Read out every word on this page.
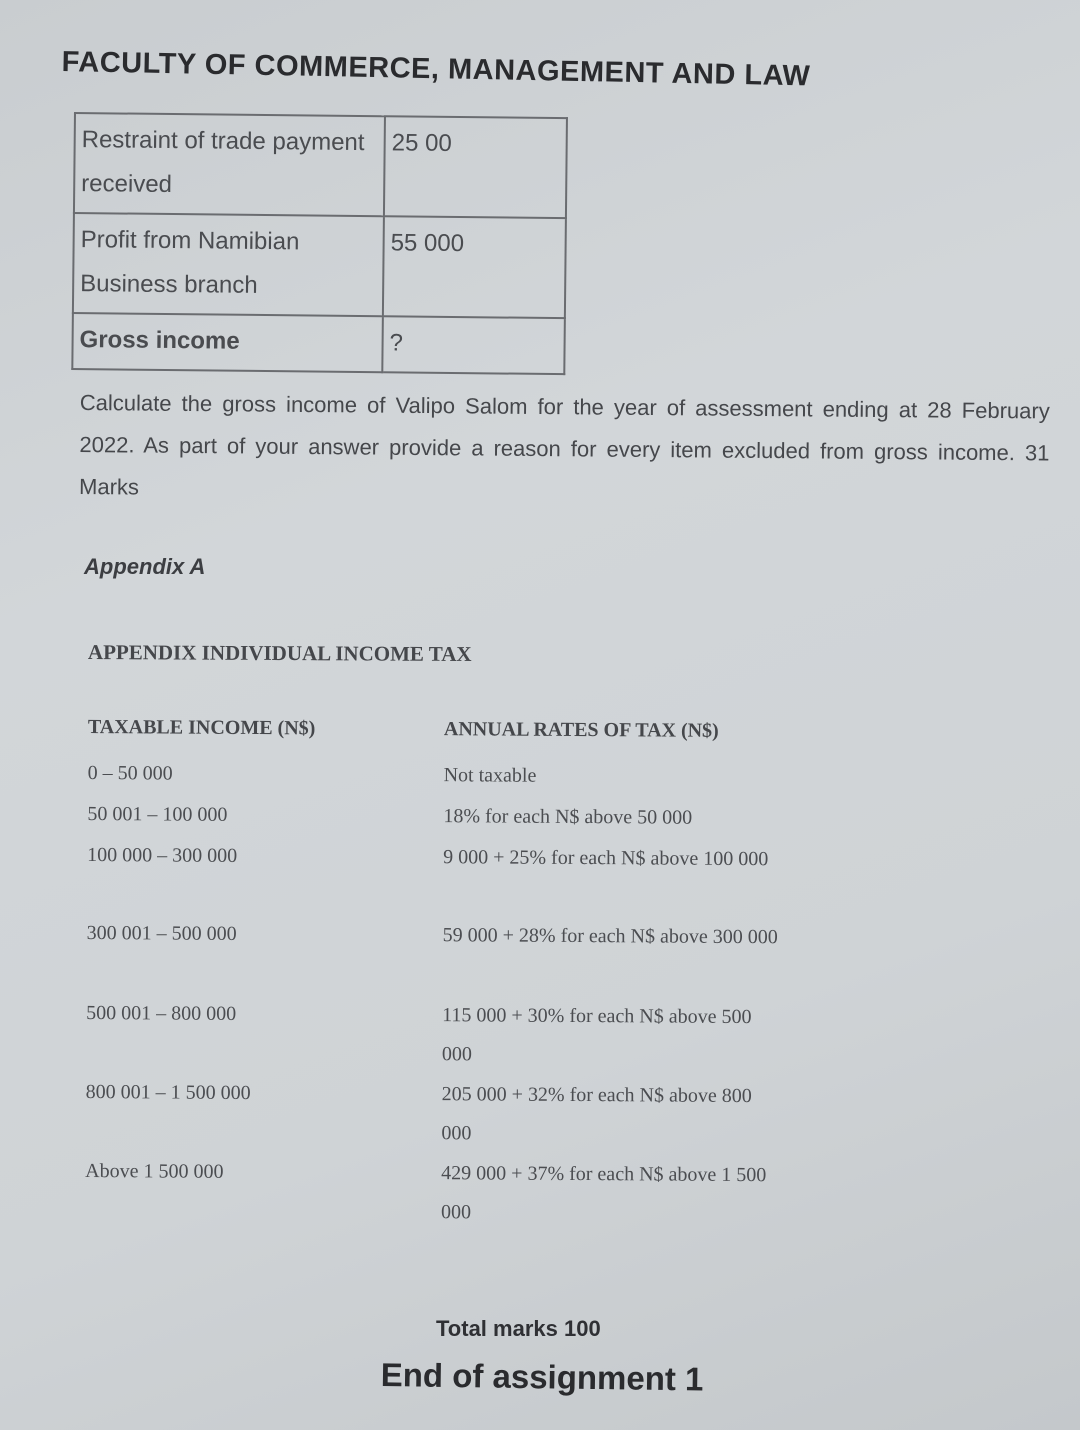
FACULTY OF COMMERCE, MANAGEMENT AND LAW
Restraint of trade payment received	25 00
Profit from Namibian Business branch	55 000
Gross income	?
Calculate the gross income of Valipo Salom for the year of assessment ending at 28 February 2022. As part of your answer provide a reason for every item excluded from gross income. 31 Marks
Appendix A
APPENDIX INDIVIDUAL INCOME TAX
TAXABLE INCOME (N$)	ANNUAL RATES OF TAX (N$)
0 – 50 000	Not taxable
50 001 – 100 000	18% for each N$ above 50 000
100 000 – 300 000	9 000 + 25% for each N$ above 100 000
300 001 – 500 000	59 000 + 28% for each N$ above 300 000
500 001 – 800 000	115 000 + 30% for each N$ above 500 000
800 001 – 1 500 000	205 000 + 32% for each N$ above 800 000
Above 1 500 000	429 000 + 37% for each N$ above 1 500 000
Total marks 100
End of assignment 1
